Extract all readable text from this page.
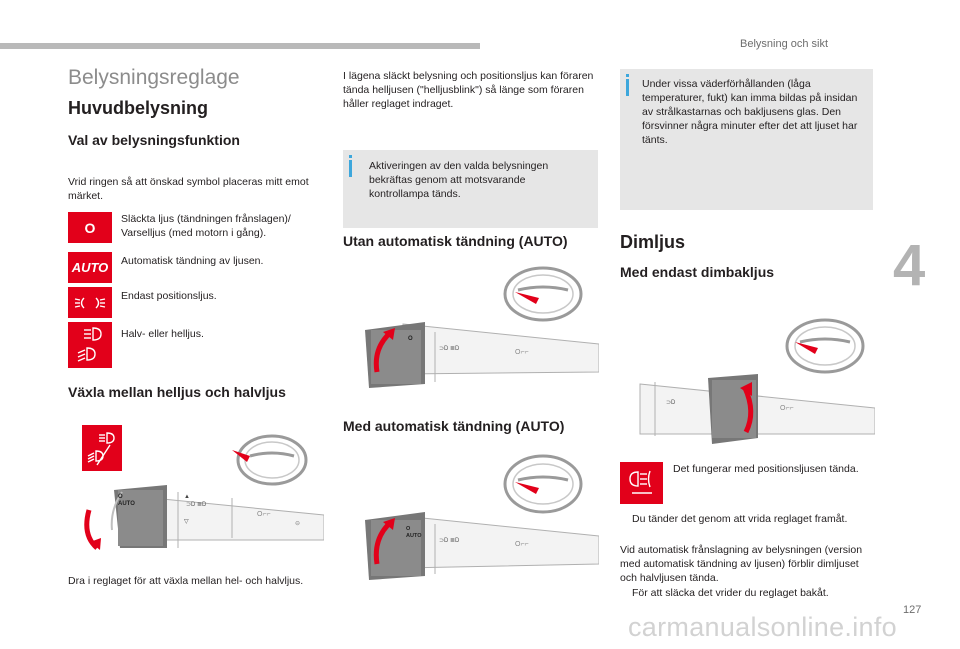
Belysning och sikt
4
Belysningsreglage
Huvudbelysning
Val av belysningsfunktion
Vrid ringen så att önskad symbol placeras mitt emot märket.
O
Släckta ljus (tändningen frånslagen)/ Varselljus (med motorn i gång).
AUTO Automatisk tändning av ljusen.
Endast positionsljus.
Halv- eller helljus.
Växla mellan helljus och halvljus
⊃D ≣D
O⌐⌐
⊖
O
AUTO
▲
▽
Dra i reglaget för att växla mellan hel- och halvljus.
I lägena släckt belysning och positionsljus kan föraren tända helljusen ("helljusblink") så länge som föraren håller reglaget indraget.
Aktiveringen av den valda belysningen bekräftas genom att motsvarande kontrollampa tänds.
Utan automatisk tändning (AUTO)
⊃D ≣D	O⌐⌐
O
Med automatisk tändning (AUTO)
⊃D ≣D	O⌐⌐
O
AUTO
Under vissa väderförhållanden (låga temperaturer, fukt) kan imma bildas på insidan av strålkastarnas och bakljusens glas. Den försvinner några minuter efter det att ljuset har tänts.
Dimljus
Med endast dimbakljus
⊃D
O⌐⌐
Det fungerar med positionsljusen tända.
Du tänder det genom att vrida reglaget framåt.
Vid automatisk frånslagning av belysningen (version med automatisk tändning av ljusen) förblir dimljuset och halvljusen tända.
För att släcka det vrider du reglaget bakåt.
127
carmanualsonline.info
